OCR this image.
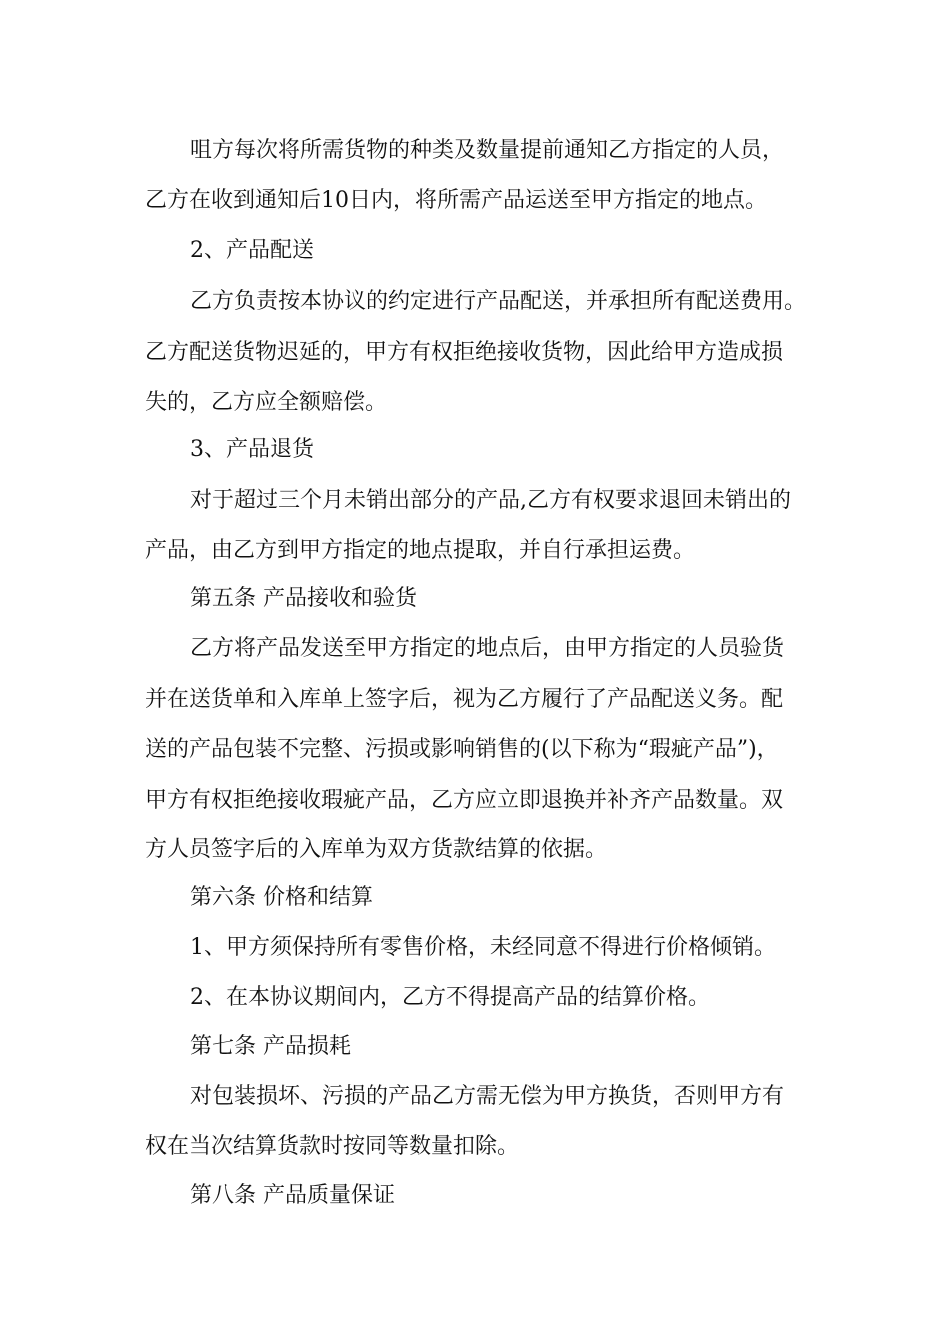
咀方每次将所需货物的种类及数量提前通知乙方指定的人员，
乙方在收到通知后10日内，将所需产品运送至甲方指定的地点。
2、产品配送
乙方负责按本协议的约定进行产品配送，并承担所有配送费用。
乙方配送货物迟延的，甲方有权拒绝接收货物，因此给甲方造成损
失的，乙方应全额赔偿。
3、产品退货
对于超过三个月未销出部分的产品,乙方有权要求退回未销出的
产品，由乙方到甲方指定的地点提取，并自行承担运费。
第五条 产品接收和验货
乙方将产品发送至甲方指定的地点后，由甲方指定的人员验货
并在送货单和入库单上签字后，视为乙方履行了产品配送义务。配
送的产品包装不完整、污损或影响销售的(以下称为“瑕疵产品”)，
甲方有权拒绝接收瑕疵产品，乙方应立即退换并补齐产品数量。双
方人员签字后的入库单为双方货款结算的依据。
第六条 价格和结算
1、甲方须保持所有零售价格，未经同意不得进行价格倾销。
2、在本协议期间内，乙方不得提高产品的结算价格。
第七条 产品损耗
对包装损坏、污损的产品乙方需无偿为甲方换货，否则甲方有
权在当次结算货款时按同等数量扣除。
第八条 产品质量保证
